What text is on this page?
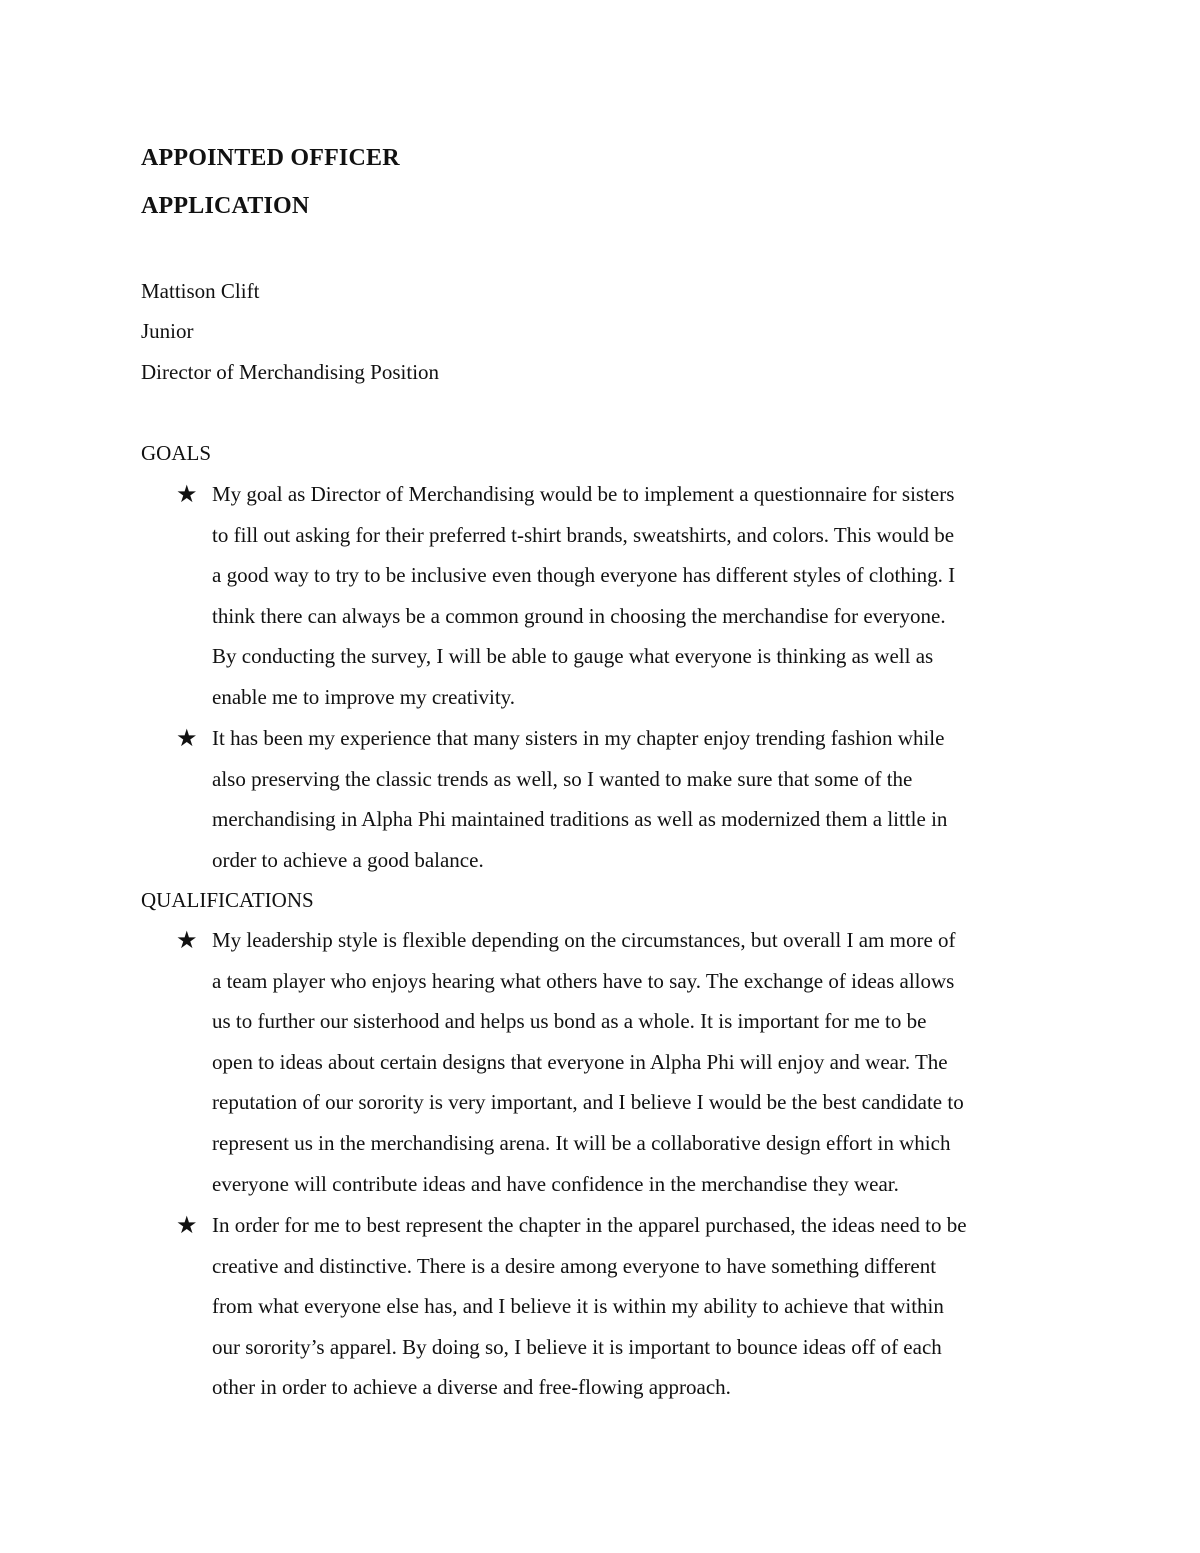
APPOINTED OFFICER
APPLICATION
Mattison Clift
Junior
Director of Merchandising Position
GOALS
★ My goal as Director of Merchandising would be to implement a questionnaire for sisters
to fill out asking for their preferred t-shirt brands, sweatshirts, and colors. This would be
a good way to try to be inclusive even though everyone has different styles of clothing. I
think there can always be a common ground in choosing the merchandise for everyone.
By conducting the survey, I will be able to gauge what everyone is thinking as well as
enable me to improve my creativity.

★ It has been my experience that many sisters in my chapter enjoy trending fashion while
also preserving the classic trends as well, so I wanted to make sure that some of the
merchandising in Alpha Phi maintained traditions as well as modernized them a little in
order to achieve a good balance.

QUALIFICATIONS
★ My leadership style is flexible depending on the circumstances, but overall I am more of
a team player who enjoys hearing what others have to say. The exchange of ideas allows
us to further our sisterhood and helps us bond as a whole. It is important for me to be
open to ideas about certain designs that everyone in Alpha Phi will enjoy and wear. The
reputation of our sorority is very important, and I believe I would be the best candidate to
represent us in the merchandising arena. It will be a collaborative design effort in which
everyone will contribute ideas and have confidence in the merchandise they wear.

★ In order for me to best represent the chapter in the apparel purchased, the ideas need to be
creative and distinctive. There is a desire among everyone to have something different
from what everyone else has, and I believe it is within my ability to achieve that within
our sorority’s apparel. By doing so, I believe it is important to bounce ideas off of each
other in order to achieve a diverse and free-flowing approach.
